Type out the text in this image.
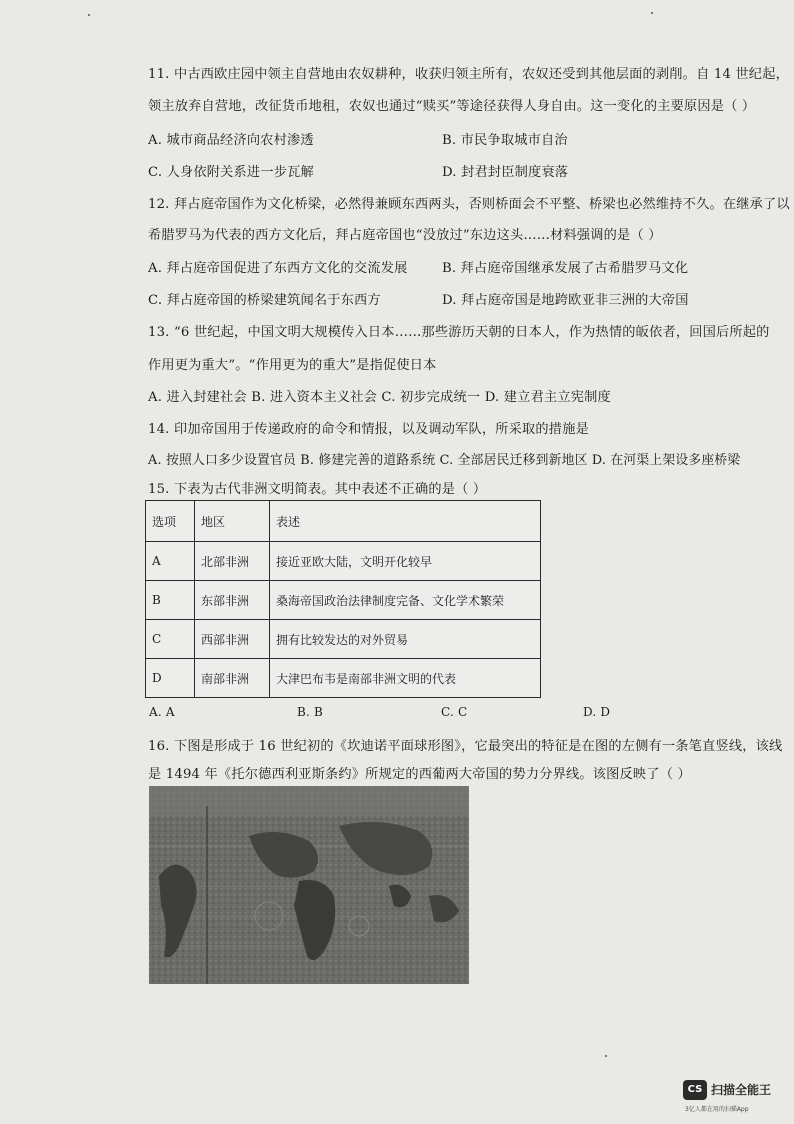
11. 中古西欧庄园中领主自营地由农奴耕种，收获归领主所有，农奴还受到其他层面的剥削。自 14 世纪起，
领主放弃自营地，改征货币地租，农奴也通过“赎买”等途径获得人身自由。这一变化的主要原因是（ ）
A. 城市商品经济向农村渗透	B. 市民争取城市自治
C. 人身依附关系进一步瓦解	D. 封君封臣制度衰落
12. 拜占庭帝国作为文化桥梁，必然得兼顾东西两头，否则桥面会不平整、桥梁也必然维持不久。在继承了以
希腊罗马为代表的西方文化后，拜占庭帝国也“没放过”东边这头……材料强调的是（ ）
A. 拜占庭帝国促进了东西方文化的交流发展	B. 拜占庭帝国继承发展了古希腊罗马文化
C. 拜占庭帝国的桥梁建筑闻名于东西方	D. 拜占庭帝国是地跨欧亚非三洲的大帝国
13. “6 世纪起，中国文明大规模传入日本……那些游历天朝的日本人，作为热情的皈依者，回国后所起的
作用更为重大”。“作用更为的重大”是指促使日本
A. 进入封建社会 B. 进入资本主义社会 C. 初步完成统一 D. 建立君主立宪制度
14. 印加帝国用于传递政府的命令和情报，以及调动军队，所采取的措施是
A. 按照人口多少设置官员 B. 修建完善的道路系统 C. 全部居民迁移到新地区 D. 在河渠上架设多座桥梁
15. 下表为古代非洲文明简表。其中表述不正确的是（ ）
选项	地区	表述
A	北部非洲	接近亚欧大陆，文明开化较早
B	东部非洲	桑海帝国政治法律制度完备、文化学术繁荣
C	西部非洲	拥有比较发达的对外贸易
D	南部非洲	大津巴布韦是南部非洲文明的代表
A. A	B. B	C. C	D. D
16. 下图是形成于 16 世纪初的《坎迪诺平面球形图》，它最突出的特征是在图的左侧有一条笔直竖线，该线
是 1494 年《托尔德西利亚斯条约》所规定的西葡两大帝国的势力分界线。该图反映了（ ）
CS 扫描全能王
3亿人都在用的扫描App
